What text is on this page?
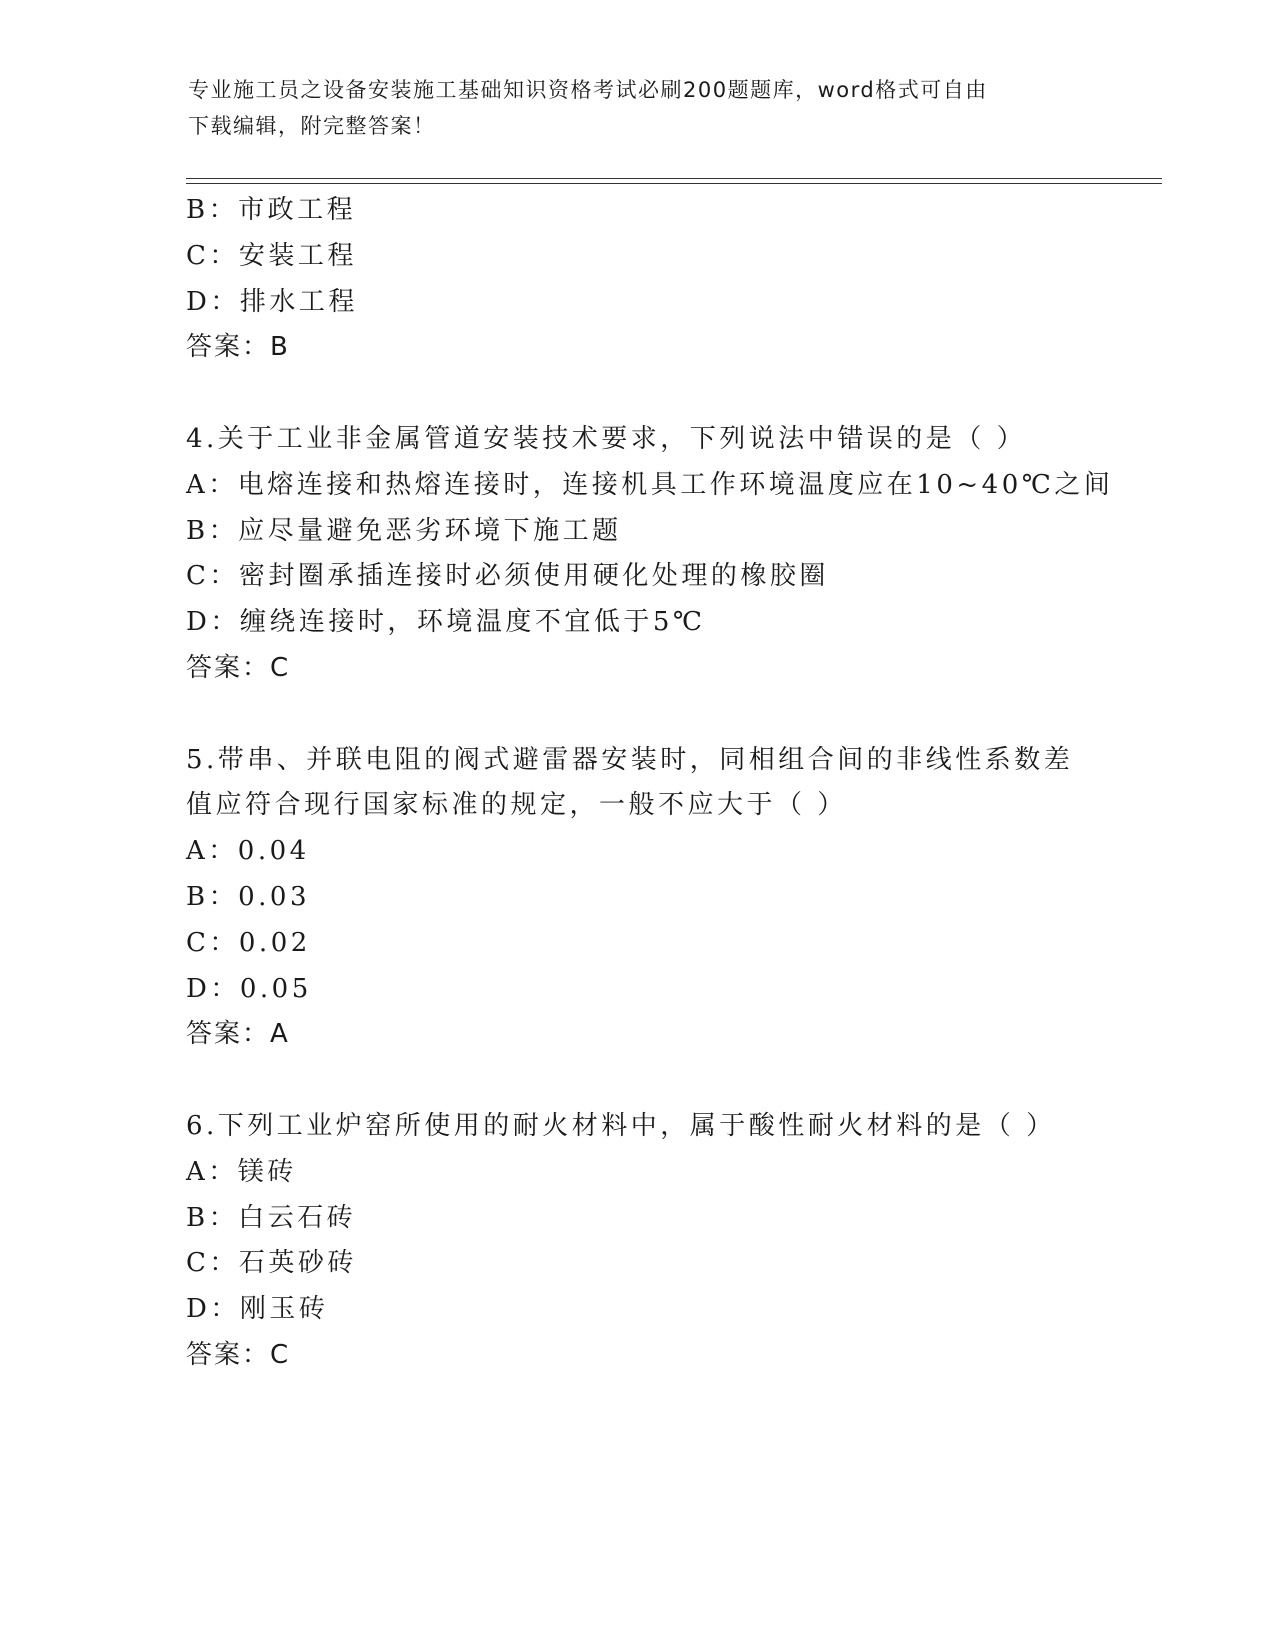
专业施工员之设备安装施工基础知识资格考试必刷200题题库，word格式可自由
下载编辑，附完整答案！
B：市政工程
C：安装工程
D：排水工程
答案：B
4.关于工业非金属管道安装技术要求，下列说法中错误的是（ ）
A：电熔连接和热熔连接时，连接机具工作环境温度应在10~40℃之间
B：应尽量避免恶劣环境下施工题
C：密封圈承插连接时必须使用硬化处理的橡胶圈
D：缠绕连接时，环境温度不宜低于5℃
答案：C
5.带串、并联电阻的阀式避雷器安装时，同相组合间的非线性系数差
值应符合现行国家标准的规定，一般不应大于（ ）
A：0.04
B：0.03
C：0.02
D：0.05
答案：A
6.下列工业炉窑所使用的耐火材料中，属于酸性耐火材料的是（ ）
A：镁砖
B：白云石砖
C：石英砂砖
D：刚玉砖
答案：C
